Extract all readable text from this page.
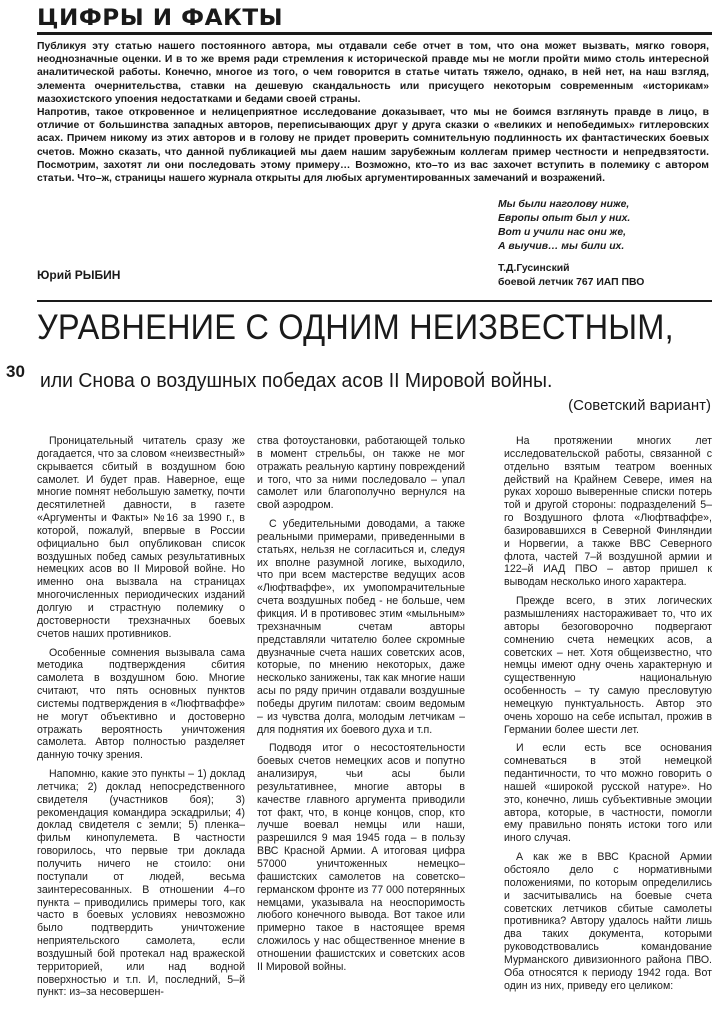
ЦИФРЫ И ФАКТЫ

Публикуя эту статью нашего постоянного автора, мы отдавали себе отчет в том, что она может вызвать, мягко говоря, неоднозначные оценки. И в то же время ради стремления к исторической правде мы не могли пройти мимо столь интересной аналитической работы. Конечно, многое из того, о чем говорится в статье читать тяжело, однако, в ней нет, на наш взгляд, элемента очернительства, ставки на дешевую скандальность или присущего некоторым современным «историкам» мазохистского упоения недостатками и бедами своей страны.

Напротив, такое откровенное и нелицеприятное исследование доказывает, что мы не боимся взглянуть правде в лицо, в отличие от большинства западных авторов, переписывающих друг у друга сказки о «великих и непобедимых» гитлеровских асах. Причем никому из этих авторов и в голову не придет проверить сомнительную подлинность их фантастических боевых счетов. Можно сказать, что данной публикацией мы даем нашим зарубежным коллегам пример честности и непредвзятости. Посмотрим, захотят ли они последовать этому примеру… Возможно, кто–то из вас захочет вступить в полемику с автором статьи. Что–ж, страницы нашего журнала открыты для любых аргументированных замечаний и возражений.

Мы были наголову ниже,
Европы опыт был у них.
Вот и учили нас они же,
А выучив… мы били их.
Юрий РЫБИН	Т.Д.Гусинский
боевой летчик 767 ИАП ПВО
УРАВНЕНИЕ С ОДНИМ НЕИЗВЕСТНЫМ,
30 или Снова о воздушных победах асов II Мировой войны.
(Советский вариант)

Проницательный читатель сразу же догадается, что за словом «неизвестный» скрывается сбитый в воздушном бою самолет. И будет прав. Наверное, еще многие помнят небольшую заметку, почти десятилетней давности, в газете «Аргументы и Факты» №16 за 1990 г., в которой, пожалуй, впервые в России официально был опубликован список воздушных побед самых результативных немецких асов во II Мировой войне. Но именно она вызвала на страницах многочисленных периодических изданий долгую и страстную полемику о достоверности трехзначных боевых счетов наших противников.

Особенные сомнения вызывала сама методика подтверждения сбития самолета в воздушном бою. Многие считают, что пять основных пунктов системы подтверждения в «Люфтваффе» не могут объективно и достоверно отражать вероятность уничтожения самолета. Автор полностью разделяет данную точку зрения.

Напомню, какие это пункты – 1) доклад летчика; 2) доклад непосредственного свидетеля (участников боя); 3) рекомендация командира эскадрильи; 4) доклад свидетеля с земли; 5) пленка–фильм кинопулемета. В частности говорилось, что первые три доклада получить ничего не стоило: они поступали от людей, весьма заинтересованных. В отношении 4–го пункта – приводились примеры того, как часто в боевых условиях невозможно было подтвердить уничтожение неприятельского самолета, если воздушный бой протекал над вражеской территорией, или над водной поверхностью и т.п. И, последний, 5–й пункт: из–за несовершен-

ства фотоустановки, работающей только в момент стрельбы, он также не мог отражать реальную картину повреждений и того, что за ними последовало – упал самолет или благополучно вернулся на свой аэродром.

С убедительными доводами, а также реальными примерами, приведенными в статьях, нельзя не согласиться и, следуя их вполне разумной логике, выходило, что при всем мастерстве ведущих асов «Люфтваффе», их умопомрачительные счета воздушных побед - не больше, чем фикция. И в противовес этим «мыльным» трехзначным счетам авторы представляли читателю более скромные двузначные счета наших советских асов, которые, по мнению некоторых, даже несколько занижены, так как многие наши асы по ряду причин отдавали воздушные победы другим пилотам: своим ведомым – из чувства долга, молодым летчикам – для поднятия их боевого духа и т.п.

Подводя итог о несостоятельности боевых счетов немецких асов и попутно анализируя, чьи асы были результативнее, многие авторы в качестве главного аргумента приводили тот факт, что, в конце концов, спор, кто лучше воевал немцы или наши, разрешился 9 мая 1945 года – в пользу ВВС Красной Армии. А итоговая цифра 57000 уничтоженных немецко–фашистских самолетов на советско–германском фронте из 77 000 потерянных немцами, указывала на неоспоримость любого конечного вывода. Вот такое или примерно такое в настоящее время сложилось у нас общественное мнение в отношении фашистских и советских асов II Мировой войны.

На протяжении многих лет исследовательской работы, связанной с отдельно взятым театром военных действий на Крайнем Севере, имея на руках хорошо выверенные списки потерь той и другой стороны: подразделений 5–го Воздушного флота «Люфтваффе», базировавшихся в Северной Финляндии и Норвегии, а также ВВС Северного флота, частей 7–й воздушной армии и 122–й ИАД ПВО – автор пришел к выводам несколько иного характера.

Прежде всего, в этих логических размышлениях настораживает то, что их авторы безоговорочно подвергают сомнению счета немецких асов, а советских – нет. Хотя общеизвестно, что немцы имеют одну очень характерную и существенную национальную особенность – ту самую пресловутую немецкую пунктуальность. Автор это очень хорошо на себе испытал, прожив в Германии более шести лет.

И если есть все основания сомневаться в этой немецкой педантичности, то что можно говорить о нашей «широкой русской натуре». Но это, конечно, лишь субъективные эмоции автора, которые, в частности, помогли ему правильно понять истоки того или иного случая.

А как же в ВВС Красной Армии обстояло дело с нормативными положениями, по которым определились и засчитывались на боевые счета советских летчиков сбитые самолеты противника? Автору удалось найти лишь два таких документа, которыми руководствовались командование Мурманского дивизионного района ПВО. Оба относятся к периоду 1942 года. Вот один из них, приведу его целиком:
